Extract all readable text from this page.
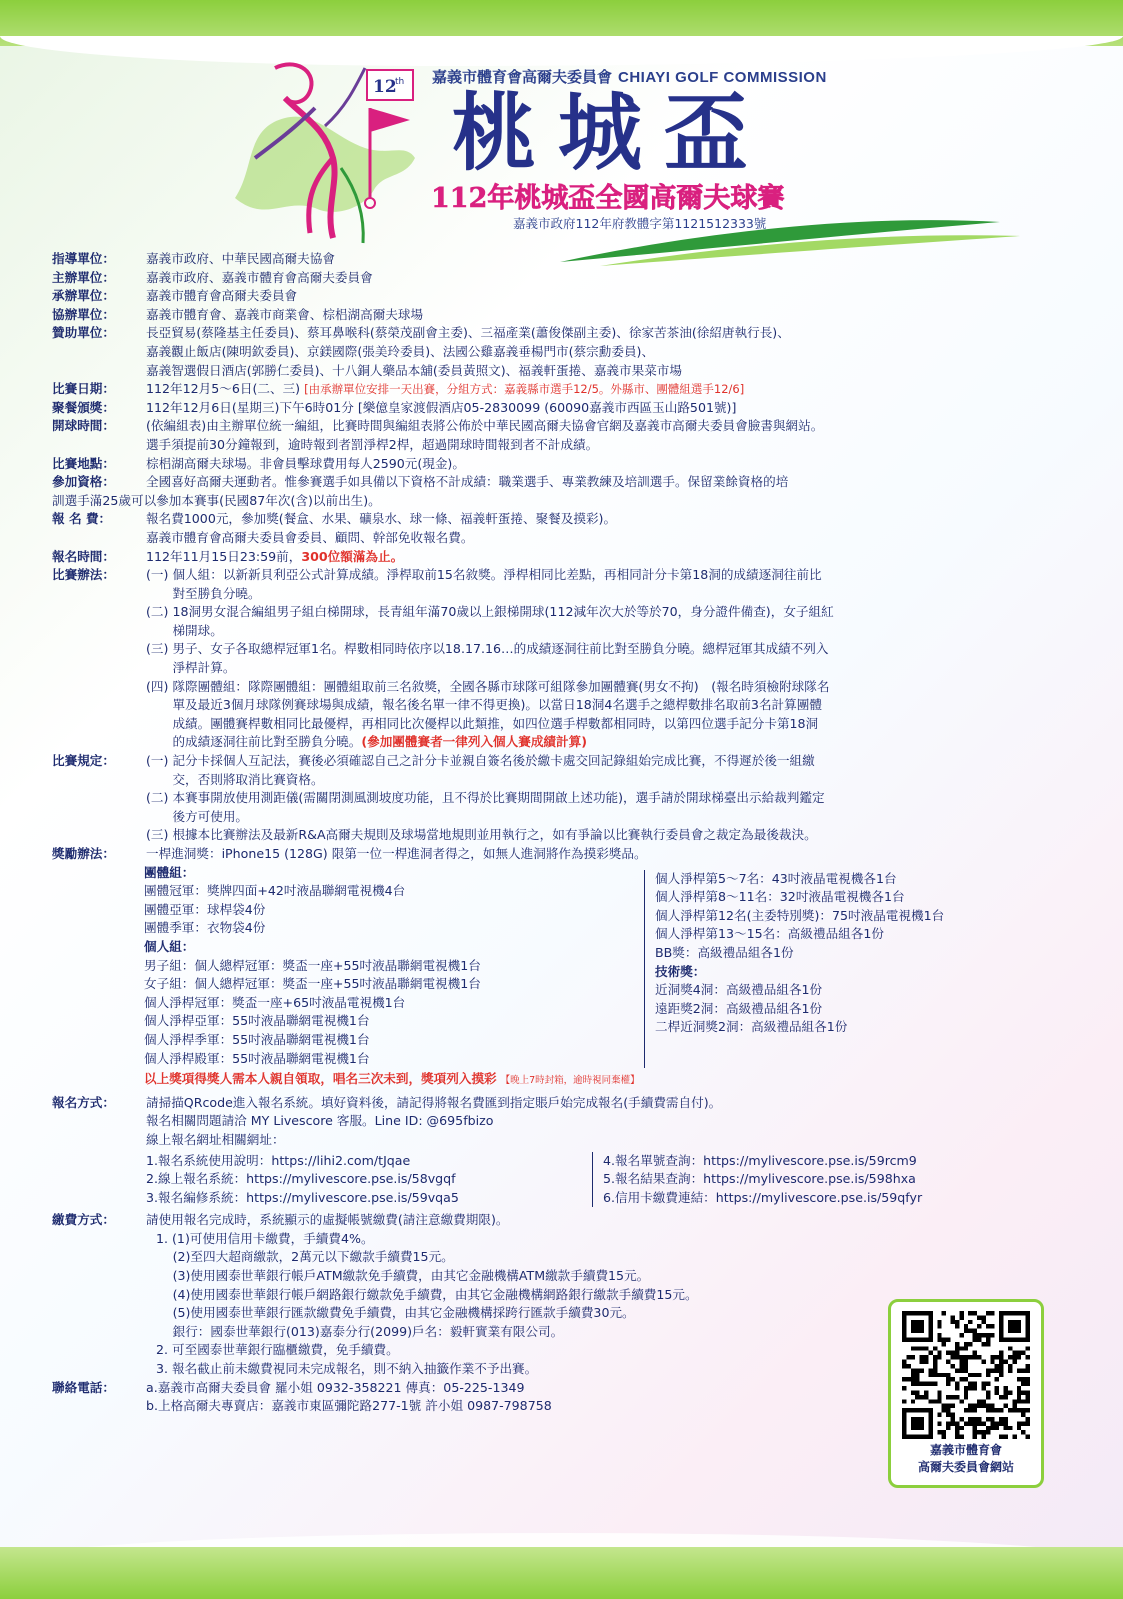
12
th 嘉義市體育會高爾夫委員會 CHIAYI GOLF COMMISSION
桃城盃
112年桃城盃全國高爾夫球賽
嘉義市政府112年府教體字第1121512333號
指導單位：	嘉義市政府、中華民國高爾夫協會
主辦單位：	嘉義市政府、嘉義市體育會高爾夫委員會
承辦單位：	嘉義市體育會高爾夫委員會
協辦單位：	嘉義市體育會、嘉義市商業會、棕梠湖高爾夫球場
贊助單位：	長亞貿易(蔡隆基主任委員)、蔡耳鼻喉科(蔡榮茂副會主委)、三福產業(蕭俊傑副主委)、徐家苦茶油(徐紹唐執行長)、
嘉義觀止飯店(陳明欽委員)、京鎂國際(張美玲委員)、法國公雞嘉義垂楊門市(蔡宗勳委員)、
嘉義智選假日酒店(郭勝仁委員)、十八銅人藥品本舖(委員黃照文)、福義軒蛋捲、嘉義市果菜市場
比賽日期：	112年12月5～6日(二、三) [由承辦單位安排一天出賽，分組方式：嘉義縣市選手12/5。外縣市、團體組選手12/6]
聚餐頒獎：	112年12月6日(星期三)下午6時01分 [樂億皇家渡假酒店05-2830099 (60090嘉義市西區玉山路501號)]
開球時間：	(依編組表)由主辦單位統一編組，比賽時間與編組表將公佈於中華民國高爾夫協會官網及嘉義市高爾夫委員會臉書與網站。
選手須提前30分鐘報到，逾時報到者罰淨桿2桿，超過開球時間報到者不計成績。
比賽地點：	棕梠湖高爾夫球場。非會員擊球費用每人2590元(現金)。
參加資格：	全國喜好高爾夫運動者。惟參賽選手如具備以下資格不計成績：職業選手、專業教練及培訓選手。保留業餘資格的培
訓選手滿25歲可以參加本賽事(民國87年次(含)以前出生)。
報 名 費：	報名費1000元，參加獎(餐盒、水果、礦泉水、球一條、福義軒蛋捲、聚餐及摸彩)。
嘉義市體育會高爾夫委員會委員、顧問、幹部免收報名費。
報名時間：	112年11月15日23:59前，300位額滿為止。
比賽辦法：	(一) 個人組：以新新貝利亞公式計算成績。淨桿取前15名敘獎。淨桿相同比差點，再相同計分卡第18洞的成績逐洞往前比
對至勝負分曉。
(二) 18洞男女混合編組男子組白梯開球，長青組年滿70歲以上銀梯開球(112減年次大於等於70，身分證件備查)，女子組紅
梯開球。
(三) 男子、女子各取總桿冠軍1名。桿數相同時依序以18.17.16…的成績逐洞往前比對至勝負分曉。總桿冠軍其成績不列入
淨桿計算。
(四) 隊際團體組：隊際團體組：團體組取前三名敘獎，全國各縣市球隊可組隊參加團體賽(男女不拘)　(報名時須檢附球隊名
單及最近3個月球隊例賽球場與成績，報名後名單一律不得更換)。以當日18洞4名選手之總桿數排名取前3名計算團體
成績。團體賽桿數相同比最優桿，再相同比次優桿以此類推，如四位選手桿數都相同時，以第四位選手記分卡第18洞
的成績逐洞往前比對至勝負分曉。(參加團體賽者一律列入個人賽成績計算)
比賽規定：	(一) 記分卡採個人互記法，賽後必須確認自己之計分卡並親自簽名後於繳卡處交回記錄組始完成比賽，不得遲於後一組繳
交，否則將取消比賽資格。
(二) 本賽事開放使用測距儀(需關閉測風測坡度功能，且不得於比賽期間開啟上述功能)，選手請於開球梯臺出示給裁判鑑定
後方可使用。
(三) 根據本比賽辦法及最新R&A高爾夫規則及球場當地規則並用執行之，如有爭論以比賽執行委員會之裁定為最後裁決。
獎勵辦法：	一桿進洞獎：iPhone15 (128G) 限第一位一桿進洞者得之，如無人進洞將作為摸彩獎品。
團體組：
團體冠軍：獎牌四面+42吋液晶聯網電視機4台
團體亞軍：球桿袋4份
團體季軍：衣物袋4份
個人組：
男子組：個人總桿冠軍：獎盃一座+55吋液晶聯網電視機1台
女子組：個人總桿冠軍：獎盃一座+55吋液晶聯網電視機1台
個人淨桿冠軍：獎盃一座+65吋液晶電視機1台
個人淨桿亞軍：55吋液晶聯網電視機1台
個人淨桿季軍：55吋液晶聯網電視機1台
個人淨桿殿軍：55吋液晶聯網電視機1台
個人淨桿第5～7名：43吋液晶電視機各1台
個人淨桿第8～11名：32吋液晶電視機各1台
個人淨桿第12名(主委特別獎)：75吋液晶電視機1台
個人淨桿第13～15名：高級禮品組各1份
BB獎：高級禮品組各1份
技術獎：
近洞獎4洞：高級禮品組各1份
遠距獎2洞：高級禮品組各1份
二桿近洞獎2洞：高級禮品組各1份
以上獎項得獎人需本人親自領取，唱名三次未到，獎項列入摸彩 【晚上7時封箱，逾時視同棄權】
報名方式：	請掃描QRcode進入報名系統。填好資料後，請記得將報名費匯到指定賬戶始完成報名(手續費需自付)。
報名相關問題請洽 MY Livescore 客服。Line ID: @695fbizo
線上報名網址相關網址：
1.報名系統使用說明：https://lihi2.com/tJqae
2.線上報名系統：https://mylivescore.pse.is/58vgqf
3.報名編修系統：https://mylivescore.pse.is/59vqa5
4.報名單號查詢：https://mylivescore.pse.is/59rcm9
5.報名結果查詢：https://mylivescore.pse.is/598hxa
6.信用卡繳費連結：https://mylivescore.pse.is/59qfyr
繳費方式：	請使用報名完成時，系統顯示的虛擬帳號繳費(請注意繳費期限)。
1. (1)可使用信用卡繳費，手續費4%。
　 (2)至四大超商繳款，2萬元以下繳款手續費15元。
　 (3)使用國泰世華銀行帳戶ATM繳款免手續費，由其它金融機構ATM繳款手續費15元。
　 (4)使用國泰世華銀行帳戶網路銀行繳款免手續費，由其它金融機構網路銀行繳款手續費15元。
　 (5)使用國泰世華銀行匯款繳費免手續費，由其它金融機構採跨行匯款手續費30元。
　 銀行：國泰世華銀行(013)嘉泰分行(2099)戶名：毅軒實業有限公司。
2. 可至國泰世華銀行臨櫃繳費，免手續費。
3. 報名截止前未繳費視同未完成報名，則不納入抽籤作業不予出賽。
聯絡電話：	a.嘉義市高爾夫委員會 羅小姐 0932-358221 傳真：05-225-1349
b.上格高爾夫專賣店：嘉義市東區彌陀路277-1號 許小姐 0987-798758
嘉義市體育會
高爾夫委員會網站
